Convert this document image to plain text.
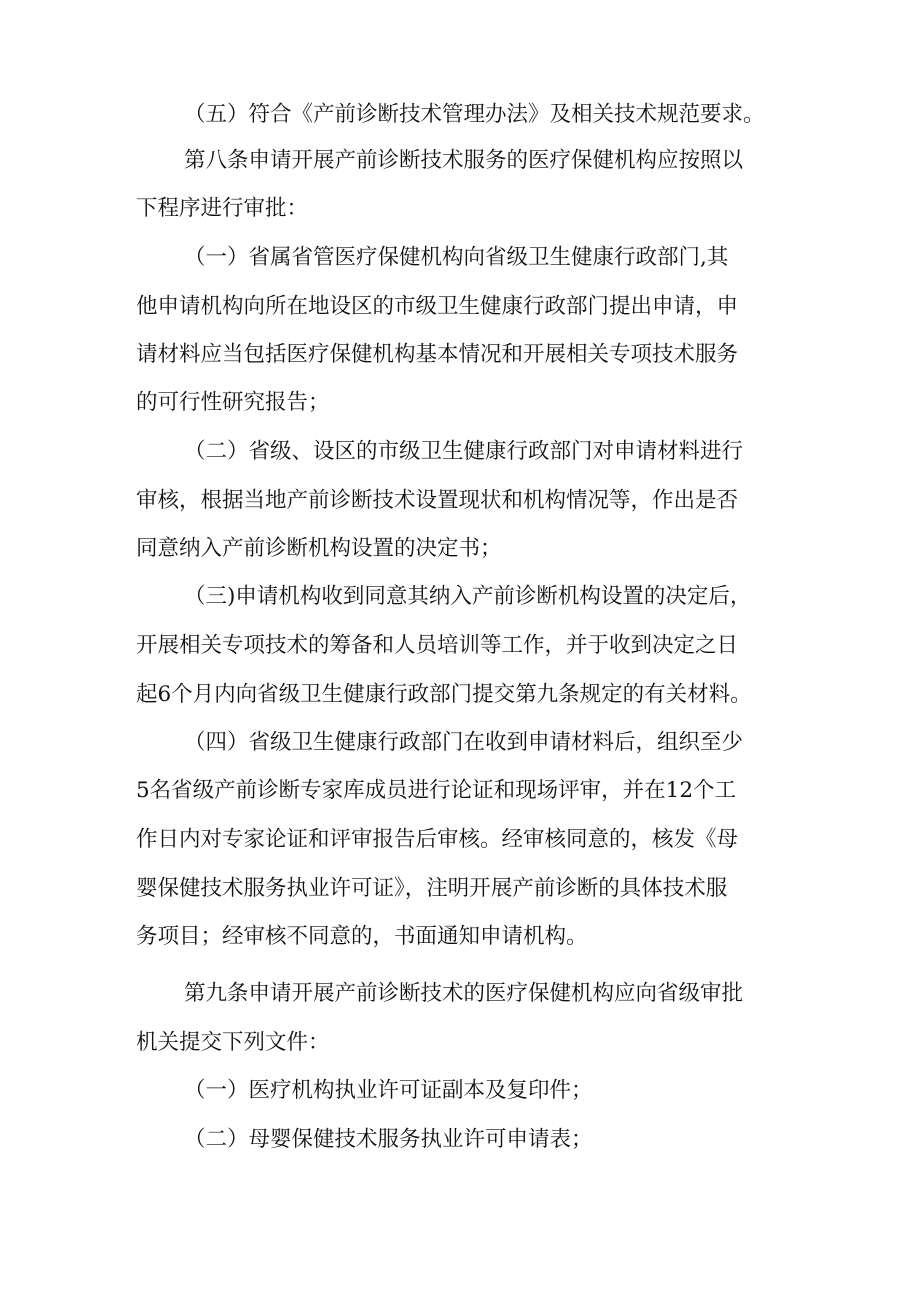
（五）符合《产前诊断技术管理办法》及相关技术规范要求。
第八条申请开展产前诊断技术服务的医疗保健机构应按照以
下程序进行审批：
（一）省属省管医疗保健机构向省级卫生健康行政部门,其
他申请机构向所在地设区的市级卫生健康行政部门提出申请，申
请材料应当包括医疗保健机构基本情况和开展相关专项技术服务
的可行性研究报告；
（二）省级、设区的市级卫生健康行政部门对申请材料进行
审核，根据当地产前诊断技术设置现状和机构情况等，作出是否
同意纳入产前诊断机构设置的决定书；
（三)申请机构收到同意其纳入产前诊断机构设置的决定后，
开展相关专项技术的筹备和人员培训等工作，并于收到决定之日
起6个月内向省级卫生健康行政部门提交第九条规定的有关材料。
（四）省级卫生健康行政部门在收到申请材料后，组织至少
5名省级产前诊断专家库成员进行论证和现场评审，并在12个工
作日内对专家论证和评审报告后审核。经审核同意的，核发《母
婴保健技术服务执业许可证》，注明开展产前诊断的具体技术服
务项目；经审核不同意的，书面通知申请机构。
第九条申请开展产前诊断技术的医疗保健机构应向省级审批
机关提交下列文件：
（一）医疗机构执业许可证副本及复印件；
（二）母婴保健技术服务执业许可申请表；
